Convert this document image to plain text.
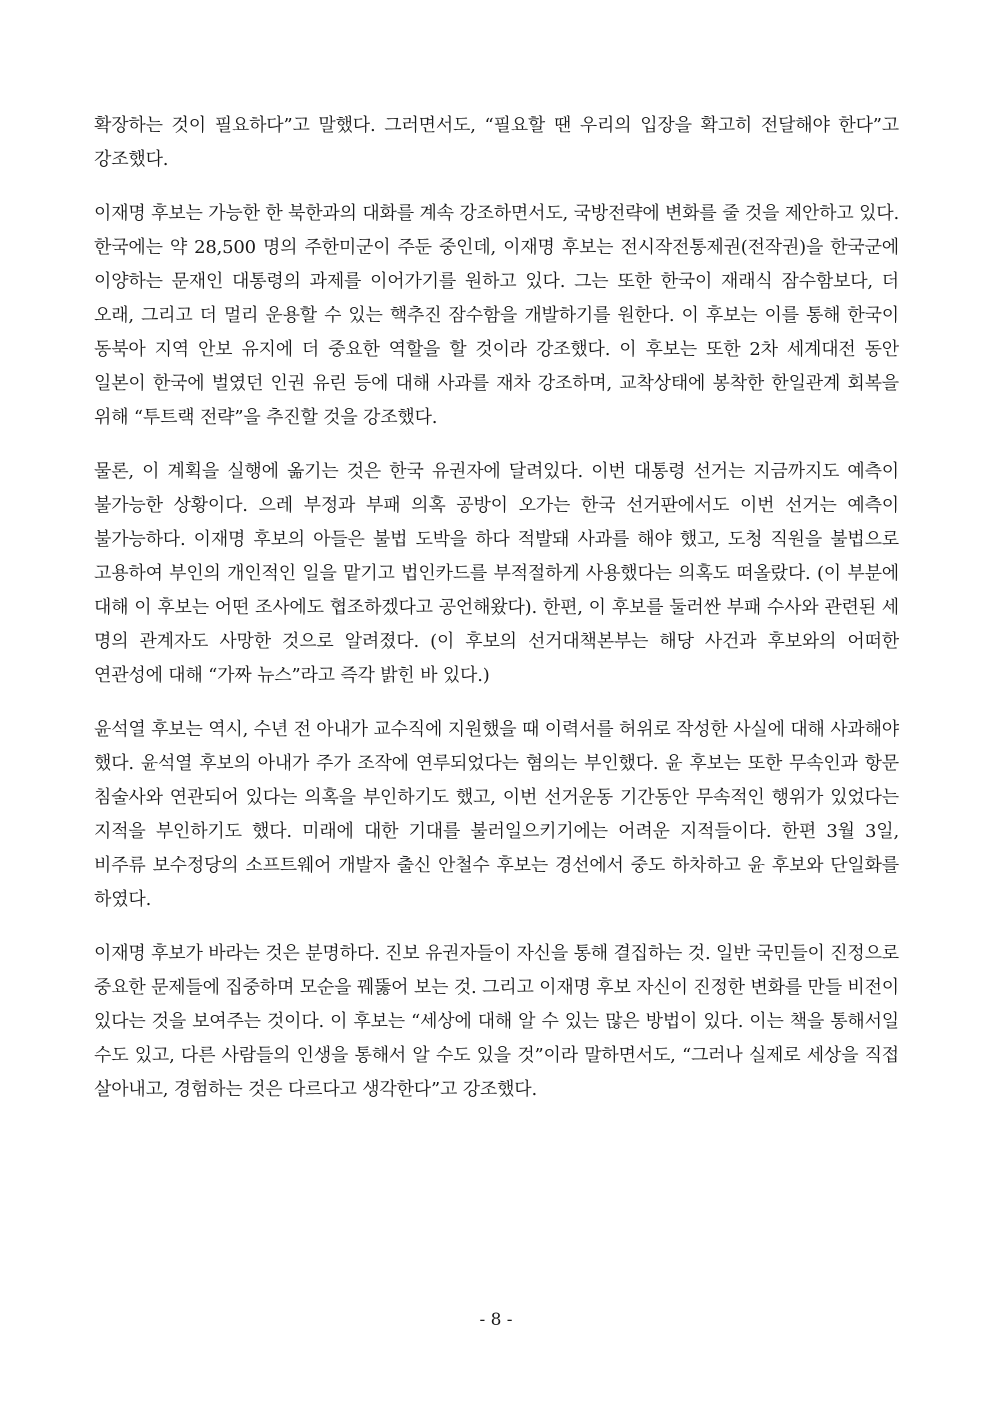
확장하는 것이 필요하다”고 말했다. 그러면서도, “필요할 땐 우리의 입장을 확고히 전달해야 한다”고 강조했다.

이재명 후보는 가능한 한 북한과의 대화를 계속 강조하면서도, 국방전략에 변화를 줄 것을 제안하고 있다. 한국에는 약 28,500 명의 주한미군이 주둔 중인데, 이재명 후보는 전시작전통제권(전작권)을 한국군에 이양하는 문재인 대통령의 과제를 이어가기를 원하고 있다. 그는 또한 한국이 재래식 잠수함보다, 더 오래, 그리고 더 멀리 운용할 수 있는 핵추진 잠수함을 개발하기를 원한다. 이 후보는 이를 통해 한국이 동북아 지역 안보 유지에 더 중요한 역할을 할 것이라 강조했다. 이 후보는 또한 2차 세계대전 동안 일본이 한국에 벌였던 인권 유린 등에 대해 사과를 재차 강조하며, 교착상태에 봉착한 한일관계 회복을 위해 “투트랙 전략”을 추진할 것을 강조했다.

물론, 이 계획을 실행에 옮기는 것은 한국 유권자에 달려있다. 이번 대통령 선거는 지금까지도 예측이 불가능한 상황이다. 으레 부정과 부패 의혹 공방이 오가는 한국 선거판에서도 이번 선거는 예측이 불가능하다. 이재명 후보의 아들은 불법 도박을 하다 적발돼 사과를 해야 했고, 도청 직원을 불법으로 고용하여 부인의 개인적인 일을 맡기고 법인카드를 부적절하게 사용했다는 의혹도 떠올랐다. (이 부분에 대해 이 후보는 어떤 조사에도 협조하겠다고 공언해왔다). 한편, 이 후보를 둘러싼 부패 수사와 관련된 세 명의 관계자도 사망한 것으로 알려졌다. (이 후보의 선거대책본부는 해당 사건과 후보와의 어떠한 연관성에 대해 “가짜 뉴스”라고 즉각 밝힌 바 있다.)

윤석열 후보는 역시, 수년 전 아내가 교수직에 지원했을 때 이력서를 허위로 작성한 사실에 대해 사과해야 했다. 윤석열 후보의 아내가 주가 조작에 연루되었다는 혐의는 부인했다. 윤 후보는 또한 무속인과 항문 침술사와 연관되어 있다는 의혹을 부인하기도 했고, 이번 선거운동 기간동안 무속적인 행위가 있었다는 지적을 부인하기도 했다. 미래에 대한 기대를 불러일으키기에는 어려운 지적들이다. 한편 3월 3일, 비주류 보수정당의 소프트웨어 개발자 출신 안철수 후보는 경선에서 중도 하차하고 윤 후보와 단일화를 하였다.

이재명 후보가 바라는 것은 분명하다. 진보 유권자들이 자신을 통해 결집하는 것. 일반 국민들이 진정으로 중요한 문제들에 집중하며 모순을 꿰뚫어 보는 것. 그리고 이재명 후보 자신이 진정한 변화를 만들 비전이 있다는 것을 보여주는 것이다. 이 후보는 “세상에 대해 알 수 있는 많은 방법이 있다. 이는 책을 통해서일 수도 있고, 다른 사람들의 인생을 통해서 알 수도 있을 것”이라 말하면서도, “그러나 실제로 세상을 직접 살아내고, 경험하는 것은 다르다고 생각한다”고 강조했다.

- 8 -
